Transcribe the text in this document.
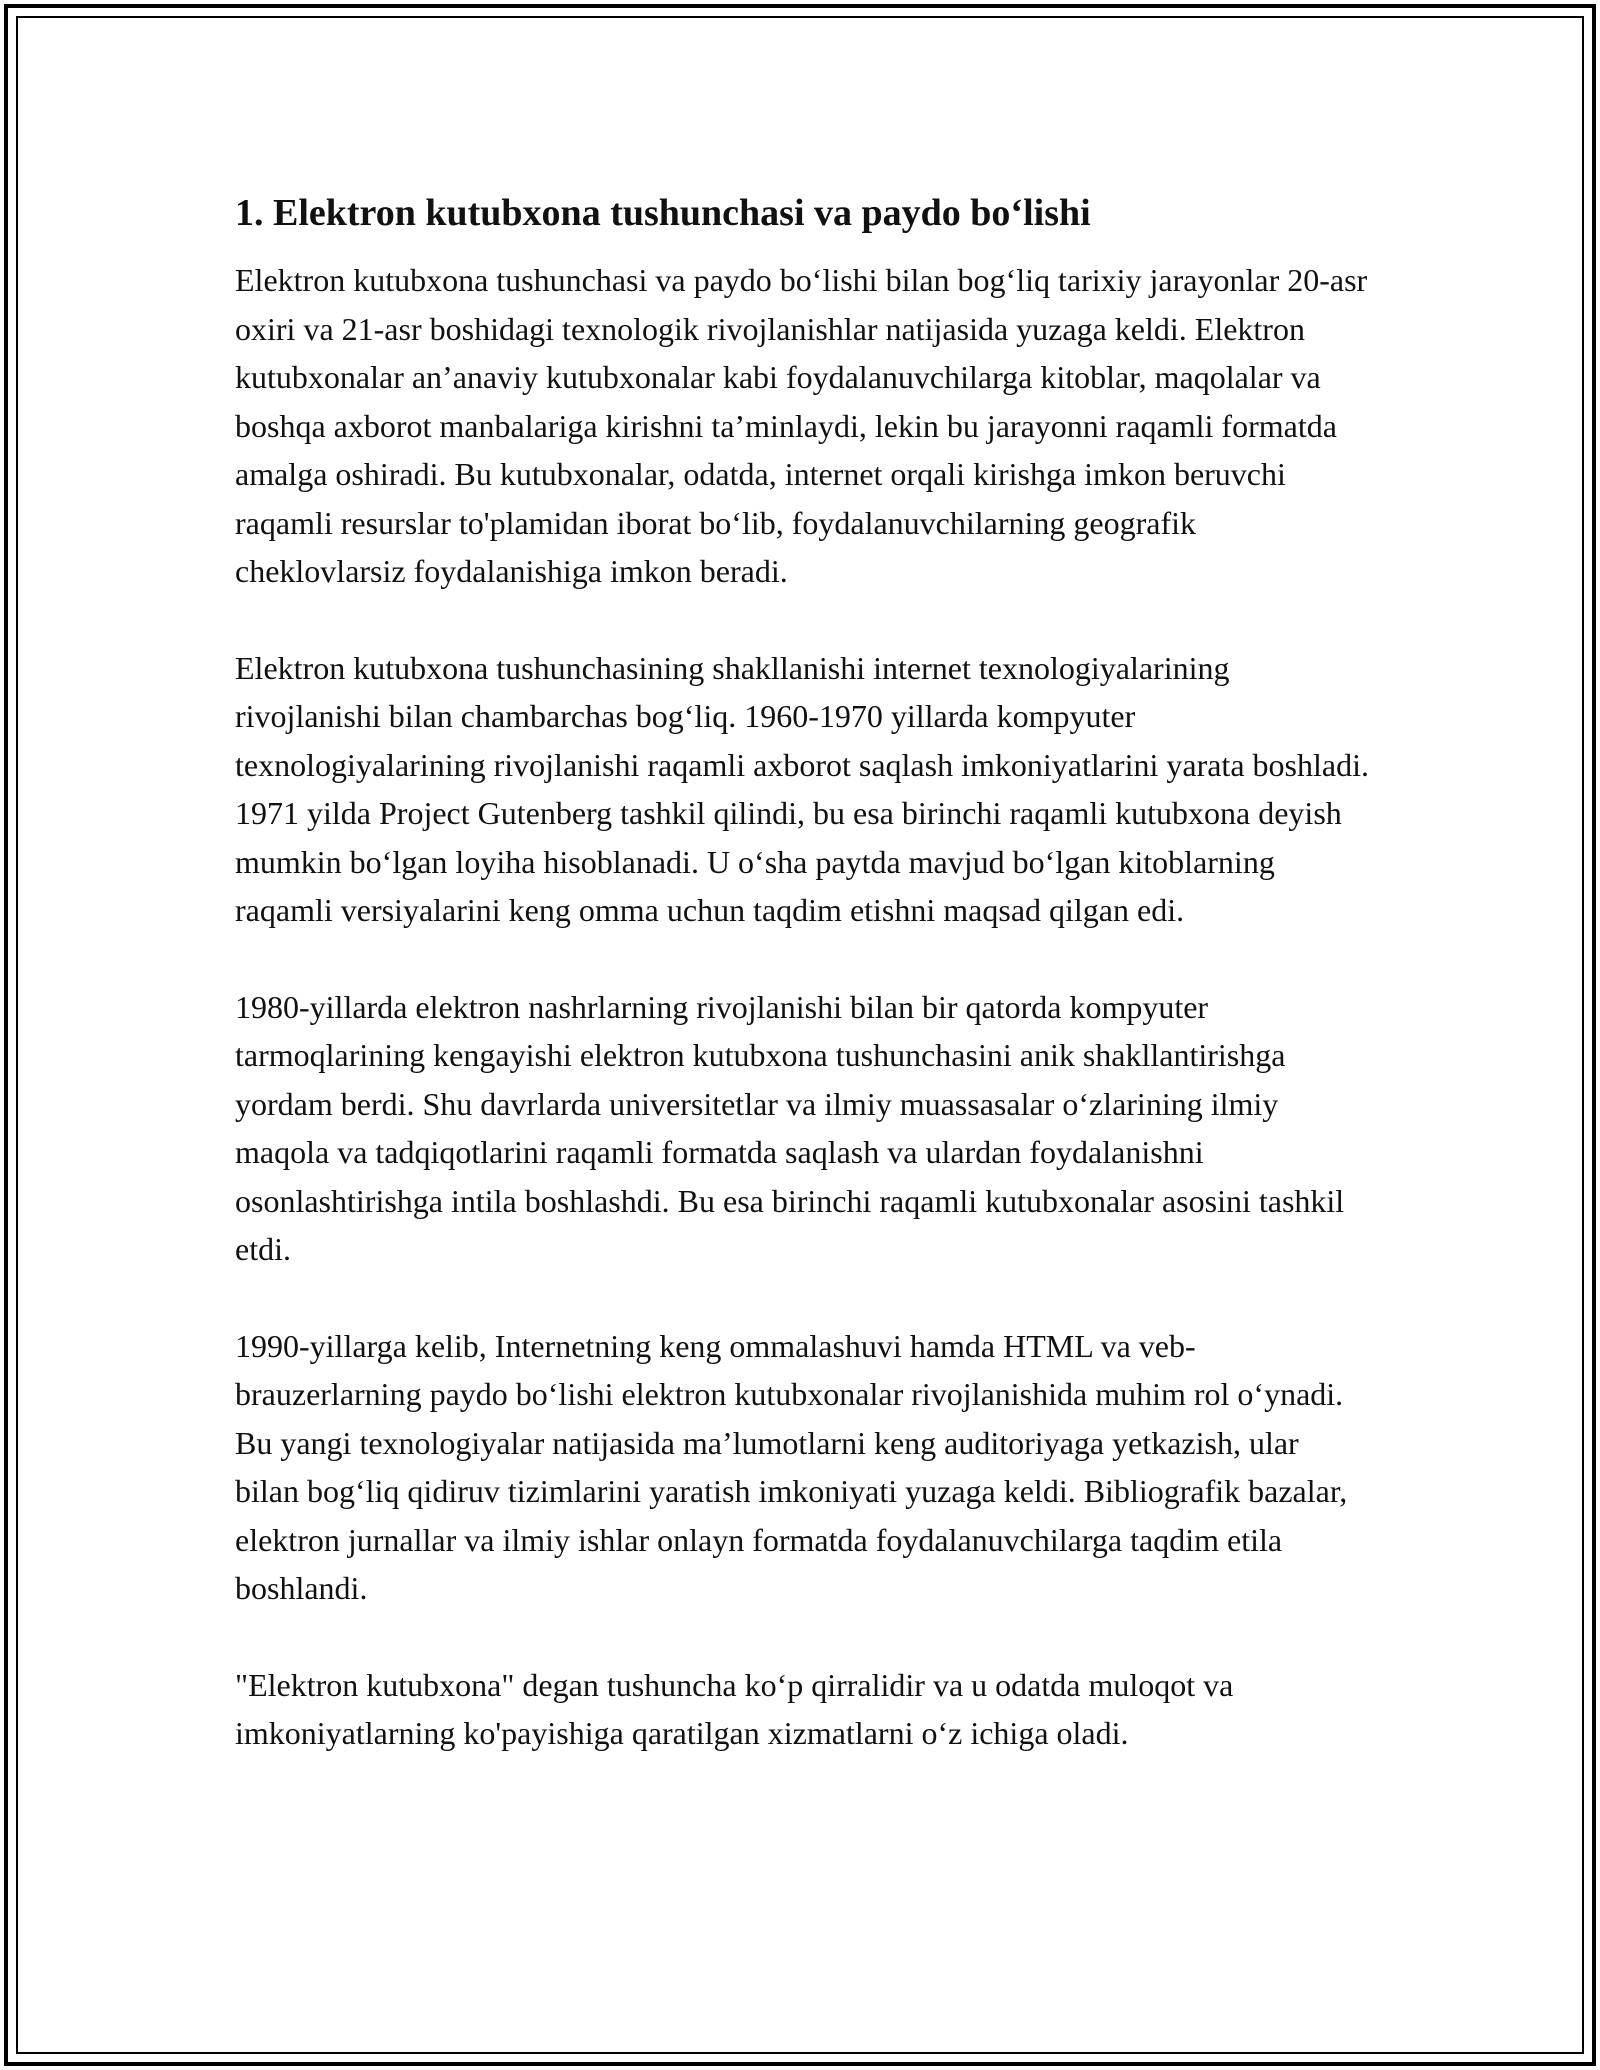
1. Elektron kutubxona tushunchasi va paydo bo‘lishi

Elektron kutubxona tushunchasi va paydo bo‘lishi bilan bog‘liq tarixiy jarayonlar 20-asr oxiri va 21-asr boshidagi texnologik rivojlanishlar natijasida yuzaga keldi. Elektron kutubxonalar an’anaviy kutubxonalar kabi foydalanuvchilarga kitoblar, maqolalar va boshqa axborot manbalariga kirishni ta’minlaydi, lekin bu jarayonni raqamli formatda amalga oshiradi. Bu kutubxonalar, odatda, internet orqali kirishga imkon beruvchi raqamli resurslar to'plamidan iborat bo‘lib, foydalanuvchilarning geografik cheklovlarsiz foydalanishiga imkon beradi.

Elektron kutubxona tushunchasining shakllanishi internet texnologiyalarining rivojlanishi bilan chambarchas bog‘liq. 1960-1970 yillarda kompyuter texnologiyalarining rivojlanishi raqamli axborot saqlash imkoniyatlarini yarata boshladi. 1971 yilda Project Gutenberg tashkil qilindi, bu esa birinchi raqamli kutubxona deyish mumkin bo‘lgan loyiha hisoblanadi. U o‘sha paytda mavjud bo‘lgan kitoblarning raqamli versiyalarini keng omma uchun taqdim etishni maqsad qilgan edi.

1980-yillarda elektron nashrlarning rivojlanishi bilan bir qatorda kompyuter tarmoqlarining kengayishi elektron kutubxona tushunchasini anik shakllantirishga yordam berdi. Shu davrlarda universitetlar va ilmiy muassasalar o‘zlarining ilmiy maqola va tadqiqotlarini raqamli formatda saqlash va ulardan foydalanishni osonlashtirishga intila boshlashdi. Bu esa birinchi raqamli kutubxonalar asosini tashkil etdi.

1990-yillarga kelib, Internetning keng ommalashuvi hamda HTML va veb-brauzerlarning paydo bo‘lishi elektron kutubxonalar rivojlanishida muhim rol o‘ynadi. Bu yangi texnologiyalar natijasida ma’lumotlarni keng auditoriyaga yetkazish, ular bilan bog‘liq qidiruv tizimlarini yaratish imkoniyati yuzaga keldi. Bibliografik bazalar, elektron jurnallar va ilmiy ishlar onlayn formatda foydalanuvchilarga taqdim etila boshlandi.

"Elektron kutubxona" degan tushuncha ko‘p qirralidir va u odatda muloqot va imkoniyatlarning ko'payishiga qaratilgan xizmatlarni o‘z ichiga oladi.
